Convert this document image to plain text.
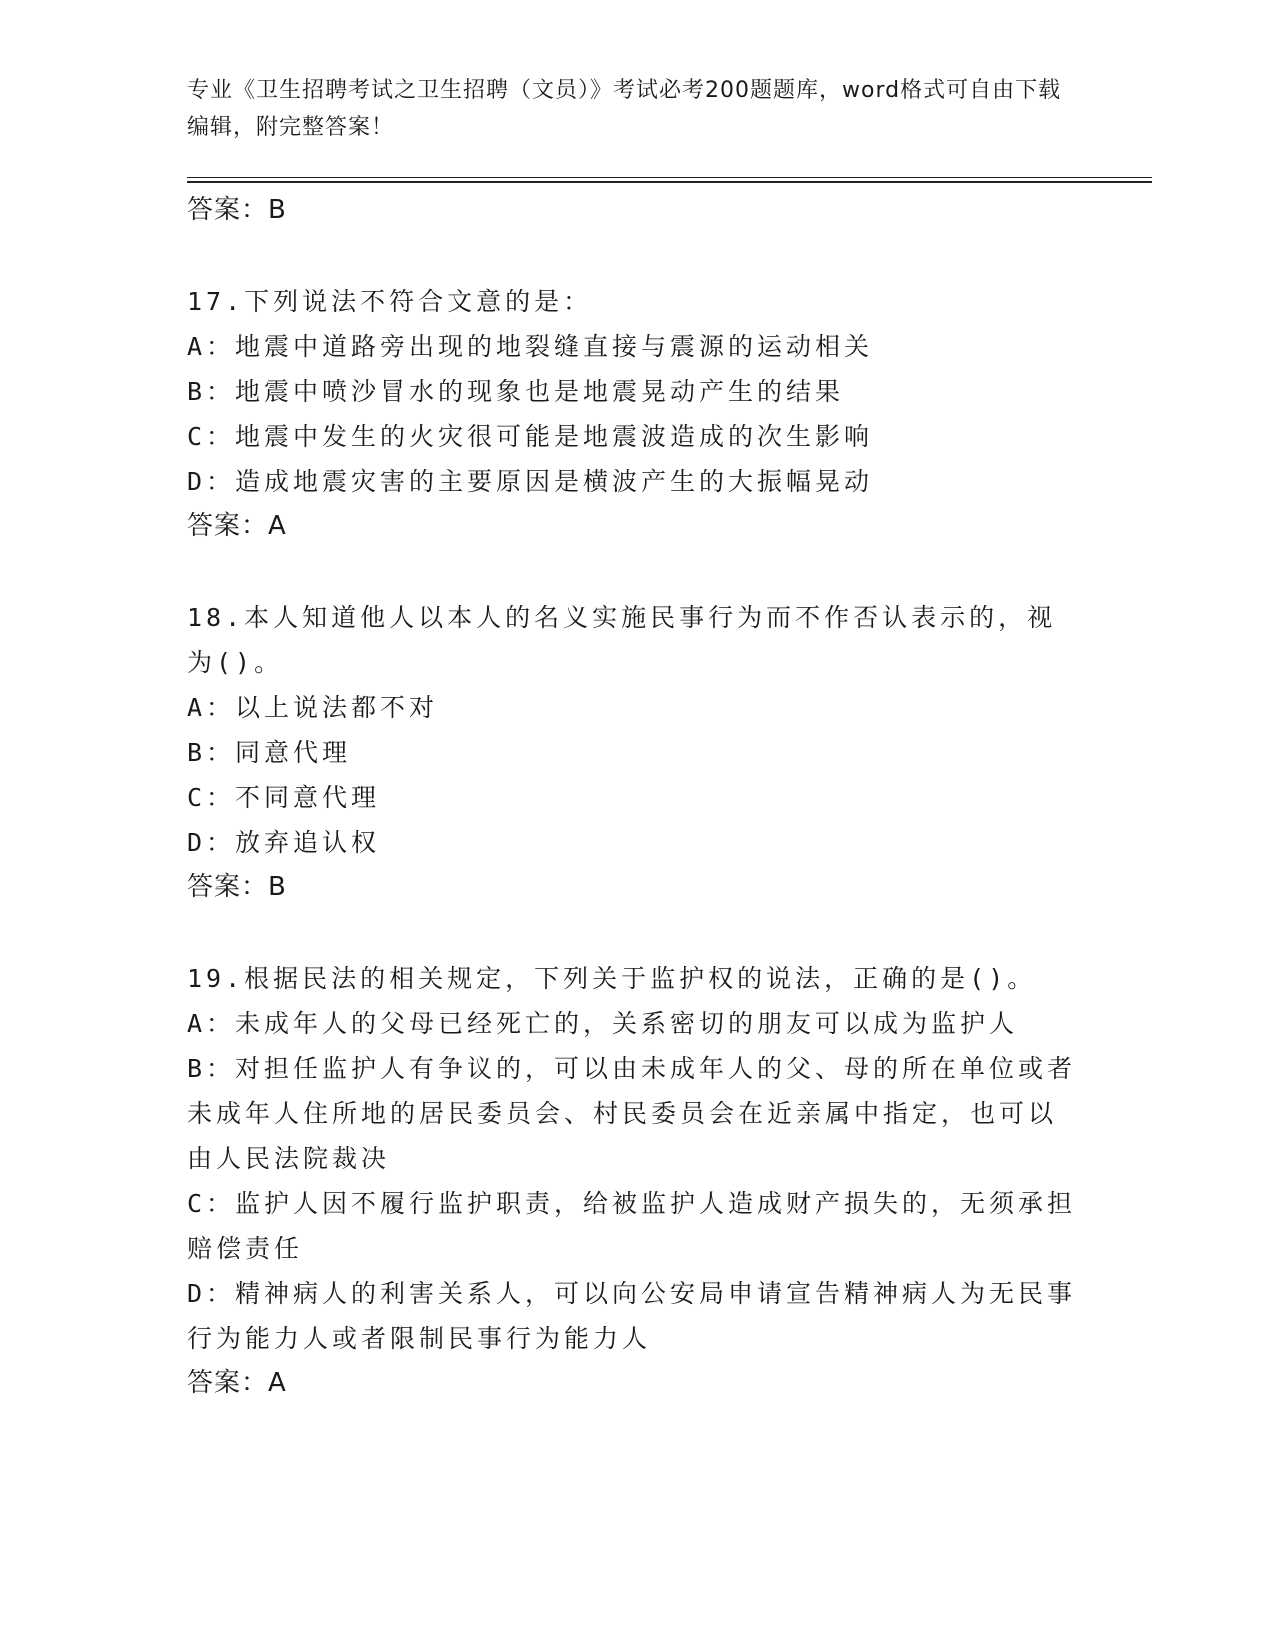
专业《卫生招聘考试之卫生招聘（文员）》考试必考200题题库，word格式可自由下载编辑，附完整答案！
答案：B
17.下列说法不符合文意的是：
A：地震中道路旁出现的地裂缝直接与震源的运动相关
B：地震中喷沙冒水的现象也是地震晃动产生的结果
C：地震中发生的火灾很可能是地震波造成的次生影响
D：造成地震灾害的主要原因是横波产生的大振幅晃动
答案：A
18.本人知道他人以本人的名义实施民事行为而不作否认表示的，视为()。
A：以上说法都不对
B：同意代理
C：不同意代理
D：放弃追认权
答案：B
19.根据民法的相关规定，下列关于监护权的说法，正确的是()。
A：未成年人的父母已经死亡的，关系密切的朋友可以成为监护人
B：对担任监护人有争议的，可以由未成年人的父、母的所在单位或者未成年人住所地的居民委员会、村民委员会在近亲属中指定，也可以由人民法院裁决
C：监护人因不履行监护职责，给被监护人造成财产损失的，无须承担赔偿责任
D：精神病人的利害关系人，可以向公安局申请宣告精神病人为无民事行为能力人或者限制民事行为能力人
答案：A
